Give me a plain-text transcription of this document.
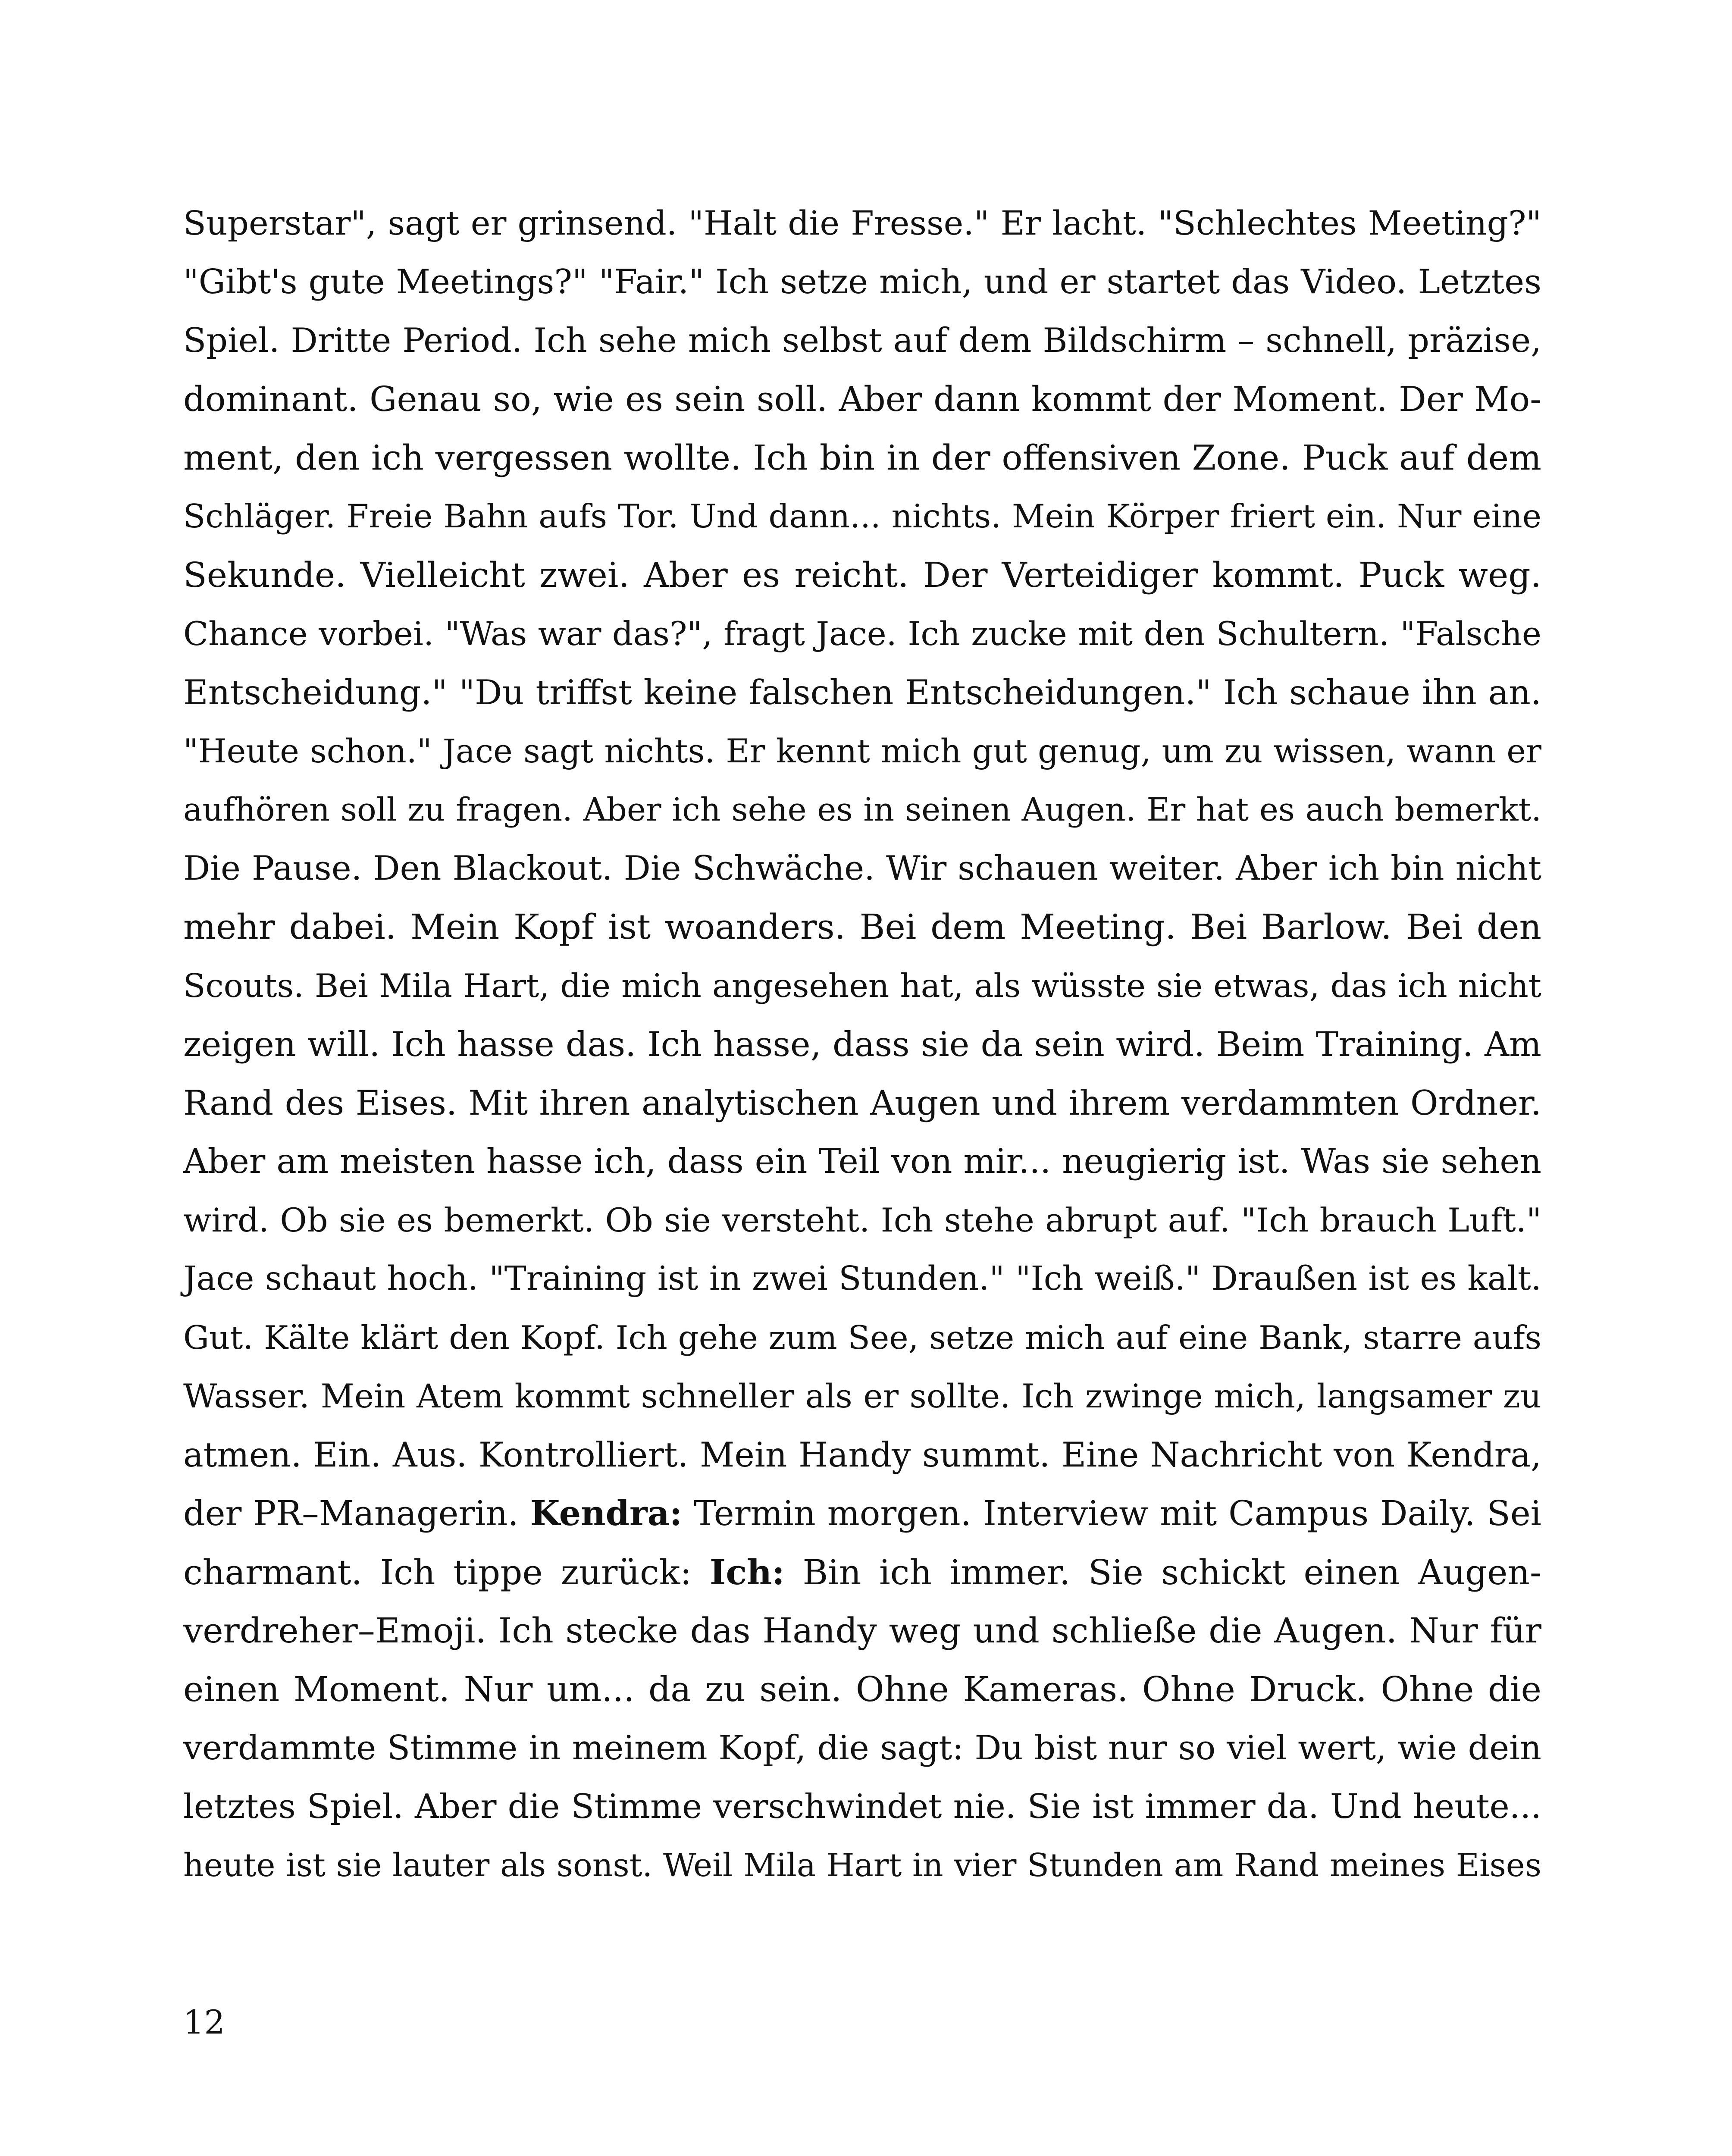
Superstar", sagt er grinsend. "Halt die Fresse." Er lacht. "Schlechtes Meeting?"
"Gibt's gute Meetings?" "Fair." Ich setze mich, und er startet das Video. Letztes
Spiel. Dritte Period. Ich sehe mich selbst auf dem Bildschirm – schnell, präzise,
dominant. Genau so, wie es sein soll. Aber dann kommt der Moment. Der Mo-
ment, den ich vergessen wollte. Ich bin in der offensiven Zone. Puck auf dem
Schläger. Freie Bahn aufs Tor. Und dann... nichts. Mein Körper friert ein. Nur eine
Sekunde. Vielleicht zwei. Aber es reicht. Der Verteidiger kommt. Puck weg.
Chance vorbei. "Was war das?", fragt Jace. Ich zucke mit den Schultern. "Falsche
Entscheidung." "Du triffst keine falschen Entscheidungen." Ich schaue ihn an.
"Heute schon." Jace sagt nichts. Er kennt mich gut genug, um zu wissen, wann er
aufhören soll zu fragen. Aber ich sehe es in seinen Augen. Er hat es auch bemerkt.
Die Pause. Den Blackout. Die Schwäche. Wir schauen weiter. Aber ich bin nicht
mehr dabei. Mein Kopf ist woanders. Bei dem Meeting. Bei Barlow. Bei den
Scouts. Bei Mila Hart, die mich angesehen hat, als wüsste sie etwas, das ich nicht
zeigen will. Ich hasse das. Ich hasse, dass sie da sein wird. Beim Training. Am
Rand des Eises. Mit ihren analytischen Augen und ihrem verdammten Ordner.
Aber am meisten hasse ich, dass ein Teil von mir... neugierig ist. Was sie sehen
wird. Ob sie es bemerkt. Ob sie versteht. Ich stehe abrupt auf. "Ich brauch Luft."
Jace schaut hoch. "Training ist in zwei Stunden." "Ich weiß." Draußen ist es kalt.
Gut. Kälte klärt den Kopf. Ich gehe zum See, setze mich auf eine Bank, starre aufs
Wasser. Mein Atem kommt schneller als er sollte. Ich zwinge mich, langsamer zu
atmen. Ein. Aus. Kontrolliert. Mein Handy summt. Eine Nachricht von Kendra,
der PR–Managerin. Kendra: Termin morgen. Interview mit Campus Daily. Sei
charmant. Ich tippe zurück: Ich: Bin ich immer. Sie schickt einen Augen-
verdreher–Emoji. Ich stecke das Handy weg und schließe die Augen. Nur für
einen Moment. Nur um... da zu sein. Ohne Kameras. Ohne Druck. Ohne die
verdammte Stimme in meinem Kopf, die sagt: Du bist nur so viel wert, wie dein
letztes Spiel. Aber die Stimme verschwindet nie. Sie ist immer da. Und heute...
heute ist sie lauter als sonst. Weil Mila Hart in vier Stunden am Rand meines Eises
12
